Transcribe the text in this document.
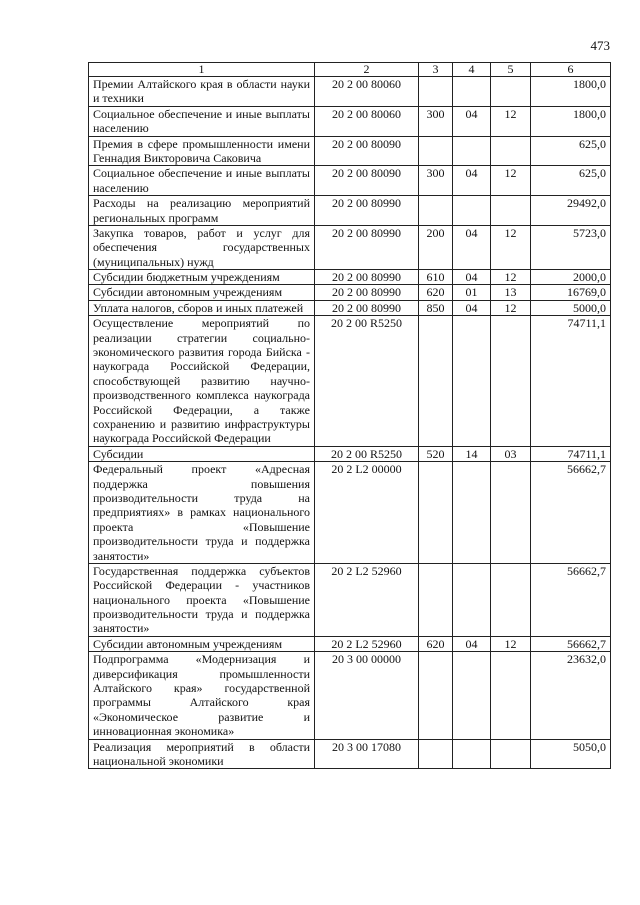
473
1	2	3	4	5	6
Премии Алтайского края в области науки и техники	20 2 00 80060				1800,0
Социальное обеспечение и иные выплаты населению	20 2 00 80060	300	04	12	1800,0
Премия в сфере промышленности имени Геннадия Викторовича Саковича	20 2 00 80090				625,0
Социальное обеспечение и иные выплаты населению	20 2 00 80090	300	04	12	625,0
Расходы на реализацию мероприятий региональных программ	20 2 00 80990				29492,0
Закупка товаров, работ и услуг для обеспечения государственных (муниципальных) нужд	20 2 00 80990	200	04	12	5723,0
Субсидии бюджетным учреждениям	20 2 00 80990	610	04	12	2000,0
Субсидии автономным учреждениям	20 2 00 80990	620	01	13	16769,0
Уплата налогов, сборов и иных платежей	20 2 00 80990	850	04	12	5000,0
Осуществление мероприятий по реализации стратегии социально-экономического развития города Бийска - наукограда Российской Федерации, способствующей развитию научно-производственного комплекса наукограда Российской Федерации, а также сохранению и развитию инфраструктуры наукограда Российской Федерации	20 2 00 R5250				74711,1
Субсидии	20 2 00 R5250	520	14	03	74711,1
Федеральный проект «Адресная поддержка повышения производительности труда на предприятиях» в рамках национального проекта «Повышение производительности труда и поддержка занятости»	20 2 L2 00000				56662,7
Государственная поддержка субъектов Российской Федерации - участников национального проекта «Повышение производительности труда и поддержка занятости»	20 2 L2 52960				56662,7
Субсидии автономным учреждениям	20 2 L2 52960	620	04	12	56662,7
Подпрограмма «Модернизация и диверсификация промышленности Алтайского края» государственной программы Алтайского края «Экономическое развитие и инновационная экономика»	20 3 00 00000				23632,0
Реализация мероприятий в области национальной экономики	20 3 00 17080				5050,0
